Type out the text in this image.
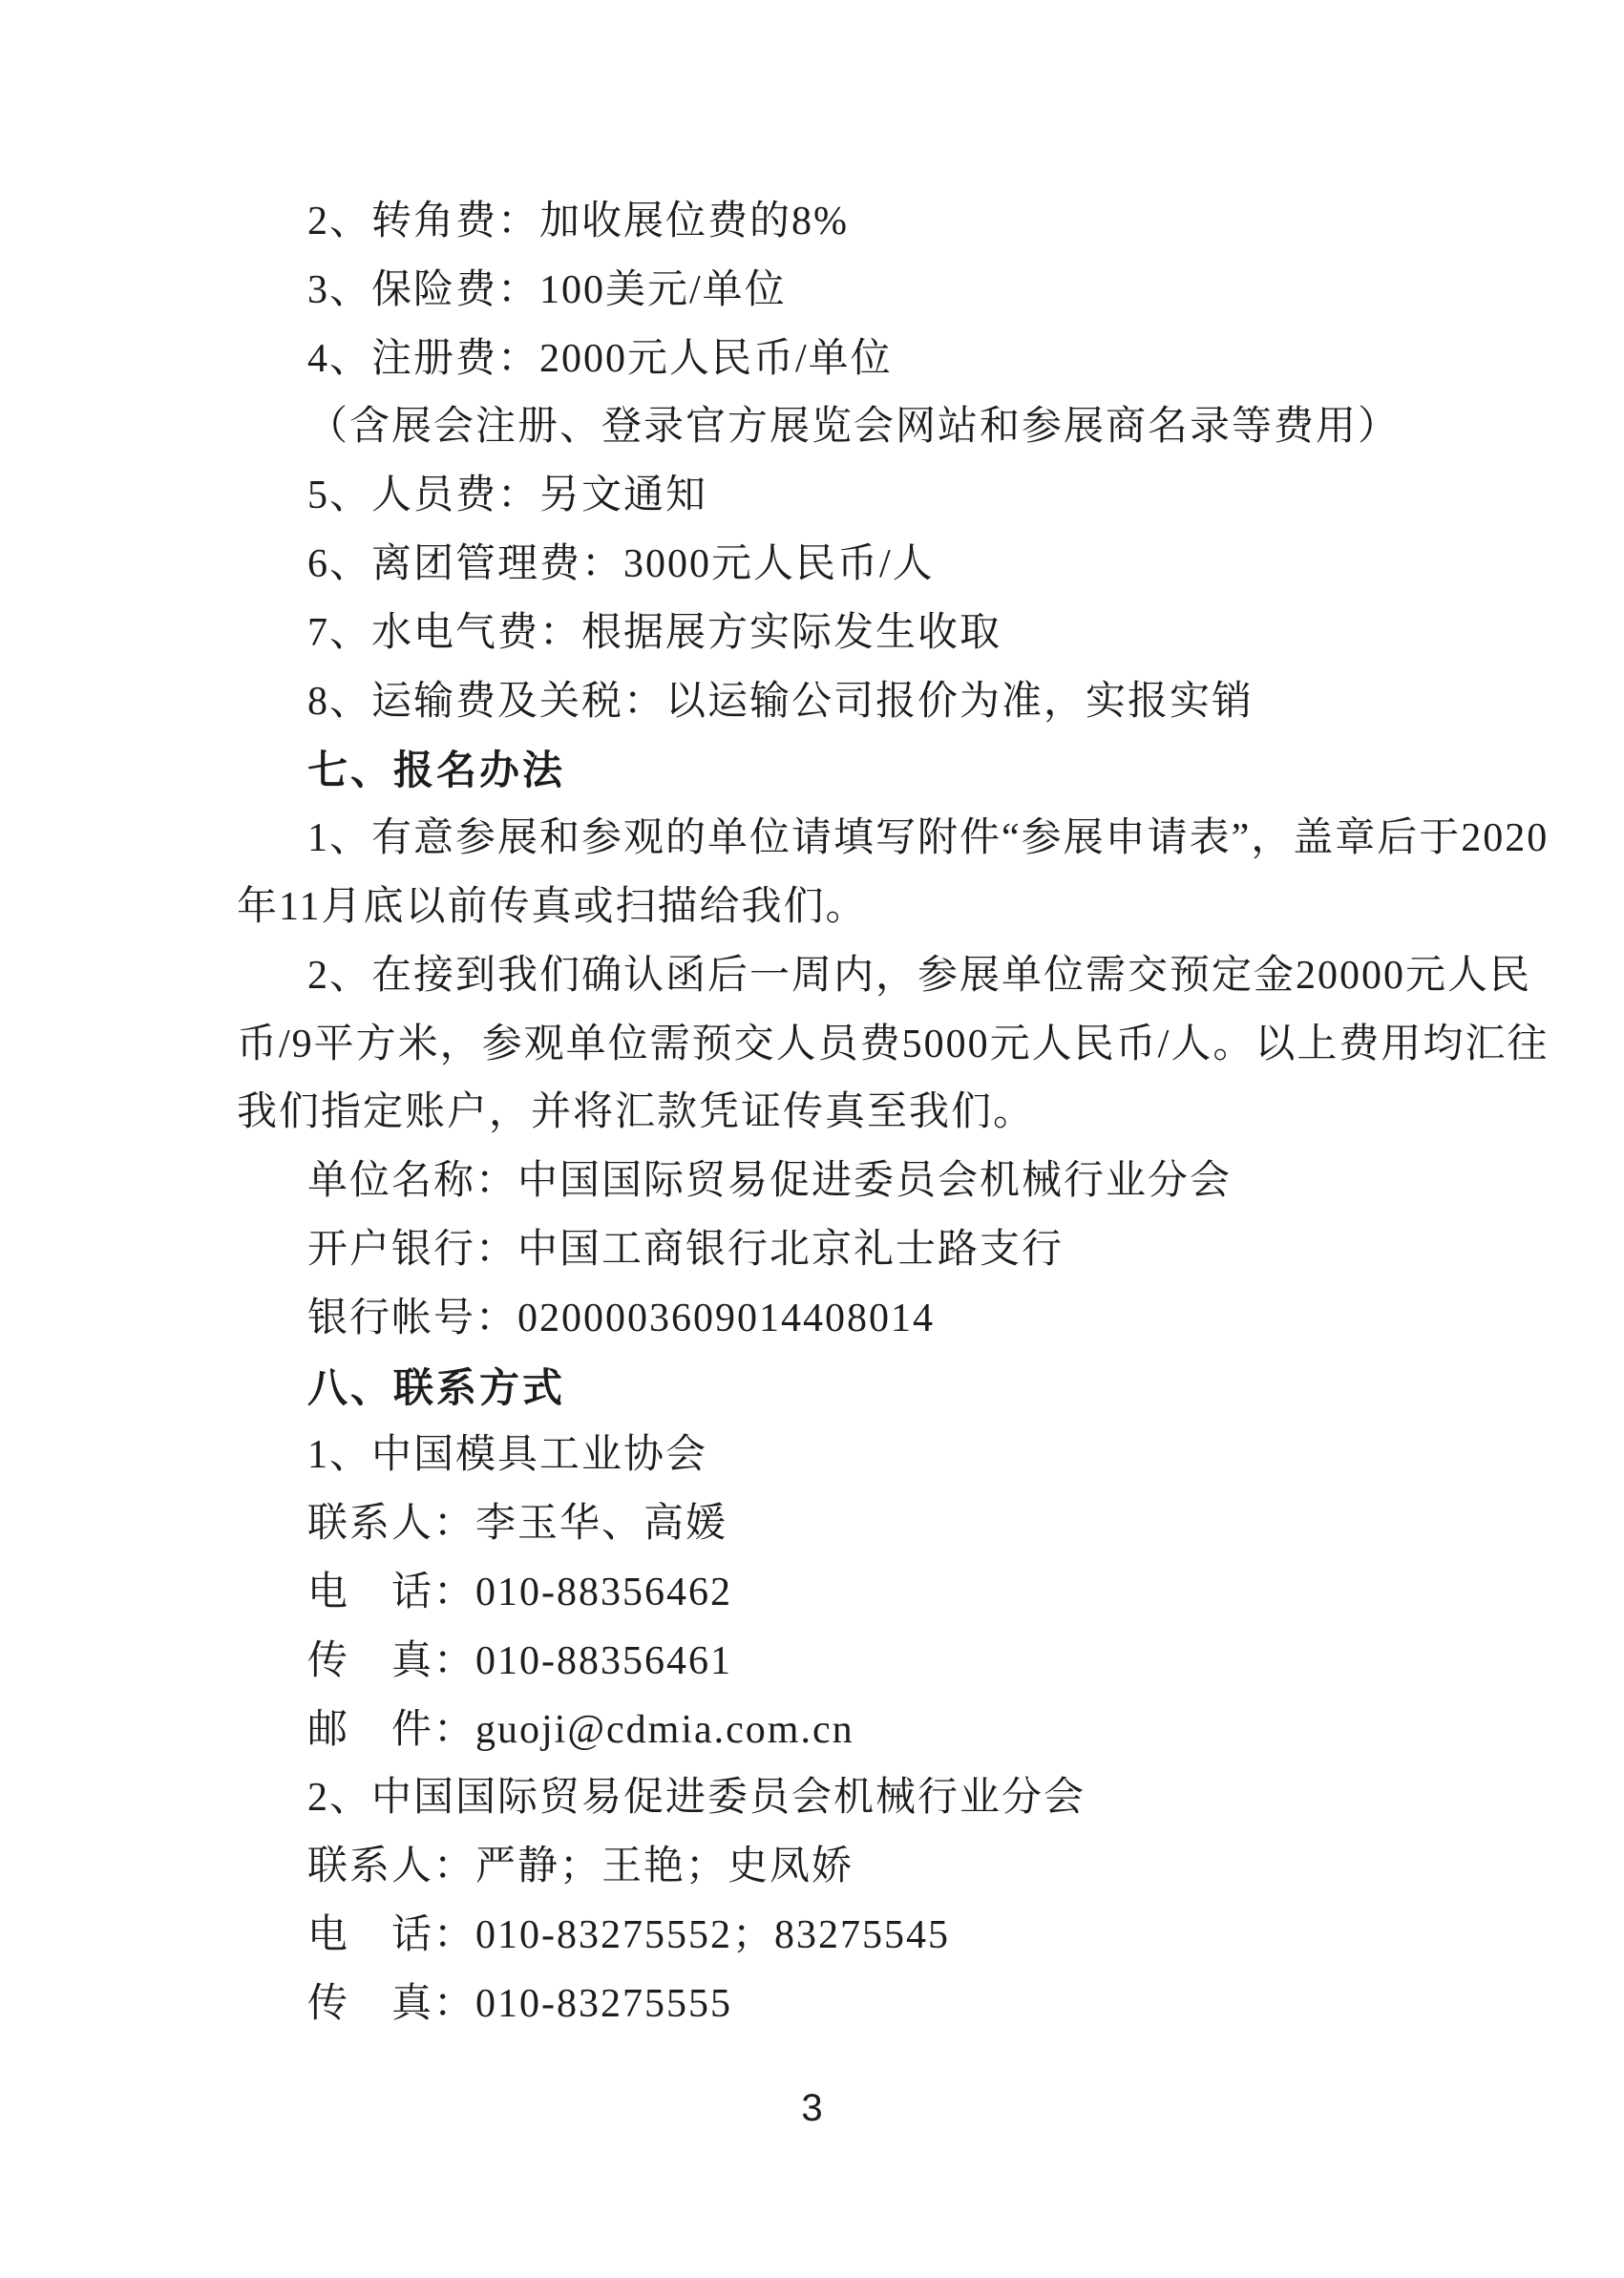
2、转角费：加收展位费的8%
3、保险费：100美元/单位
4、注册费：2000元人民币/单位
（含展会注册、登录官方展览会网站和参展商名录等费用）
5、人员费：另文通知
6、离团管理费：3000元人民币/人
7、水电气费：根据展方实际发生收取
8、运输费及关税：以运输公司报价为准，实报实销
七、报名办法
1、有意参展和参观的单位请填写附件“参展申请表”，盖章后于2020
年11月底以前传真或扫描给我们。
2、在接到我们确认函后一周内，参展单位需交预定金20000元人民
币/9平方米，参观单位需预交人员费5000元人民币/人。以上费用均汇往
我们指定账户，并将汇款凭证传真至我们。
单位名称：中国国际贸易促进委员会机械行业分会
开户银行：中国工商银行北京礼士路支行
银行帐号：0200003609014408014
八、联系方式
1、中国模具工业协会
联系人：李玉华、高媛
电　话：010-88356462
传　真：010-88356461
邮　件：guoji@cdmia.com.cn
2、中国国际贸易促进委员会机械行业分会
联系人：严静；王艳；史凤娇
电　话：010-83275552；83275545
传　真：010-83275555
3
